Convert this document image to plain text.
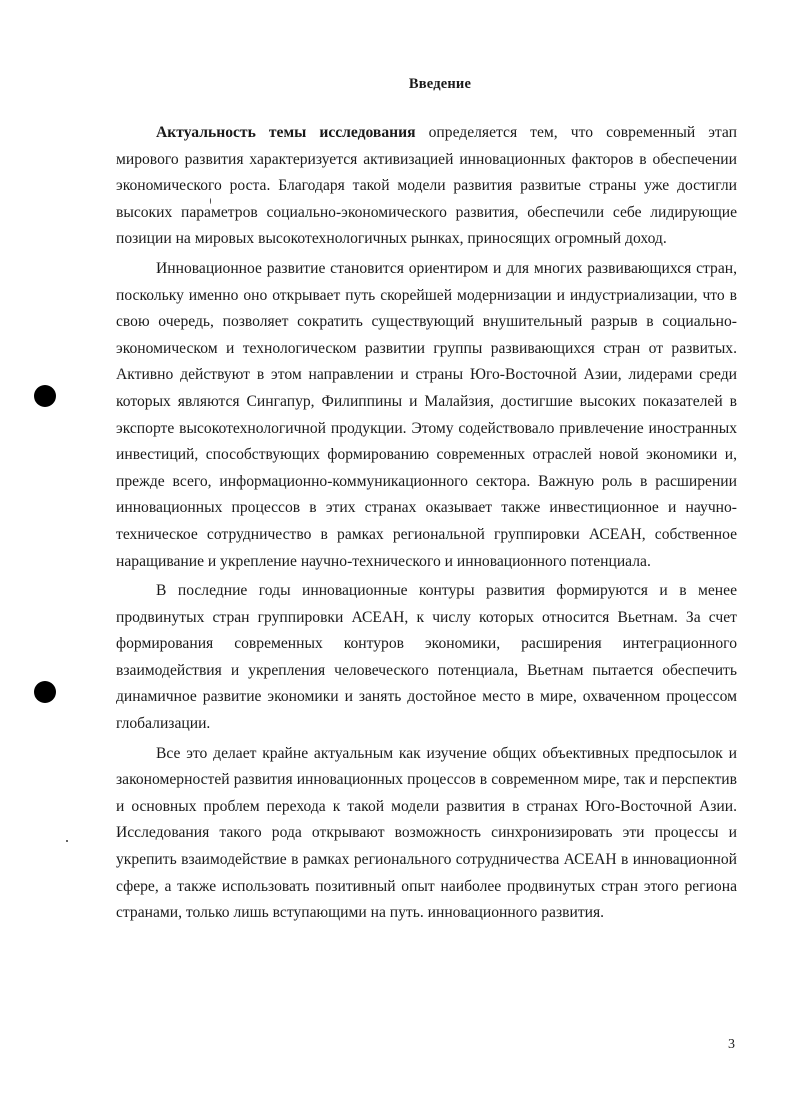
Введение

Актуальность темы исследования определяется тем, что современный этап мирового развития характеризуется активизацией инновационных факторов в обеспечении экономического роста. Благодаря такой модели развития развитые страны уже достигли высоких параметров социально-экономического развития, обеспечили себе лидирующие позиции на мировых высокотехнологичных рынках, приносящих огромный доход.

Инновационное развитие становится ориентиром и для многих развивающихся стран, поскольку именно оно открывает путь скорейшей модернизации и индустриализации, что в свою очередь, позволяет сократить существующий внушительный разрыв в социально-экономическом и технологическом развитии группы развивающихся стран от развитых. Активно действуют в этом направлении и страны Юго-Восточной Азии, лидерами среди которых являются Сингапур, Филиппины и Малайзия, достигшие высоких показателей в экспорте высокотехнологичной продукции. Этому содействовало привлечение иностранных инвестиций, способствующих формированию современных отраслей новой экономики и, прежде всего, информационно-коммуникационного сектора. Важную роль в расширении инновационных процессов в этих странах оказывает также инвестиционное и научно-техническое сотрудничество в рамках региональной группировки АСЕАН, собственное наращивание и укрепление научно-технического и инновационного потенциала.

В последние годы инновационные контуры развития формируются и в менее продвинутых стран группировки АСЕАН, к числу которых относится Вьетнам. За счет формирования современных контуров экономики, расширения интеграционного взаимодействия и укрепления человеческого потенциала, Вьетнам пытается обеспечить динамичное развитие экономики и занять достойное место в мире, охваченном процессом глобализации.

Все это делает крайне актуальным как изучение общих объективных предпосылок и закономерностей развития инновационных процессов в современном мире, так и перспектив и основных проблем перехода к такой модели развития в странах Юго-Восточной Азии. Исследования такого рода открывают возможность синхронизировать эти процессы и укрепить взаимодействие в рамках регионального сотрудничества АСЕАН в инновационной сфере, а также использовать позитивный опыт наиболее продвинутых стран этого региона странами, только лишь вступающими на путь. инновационного развития.

3
